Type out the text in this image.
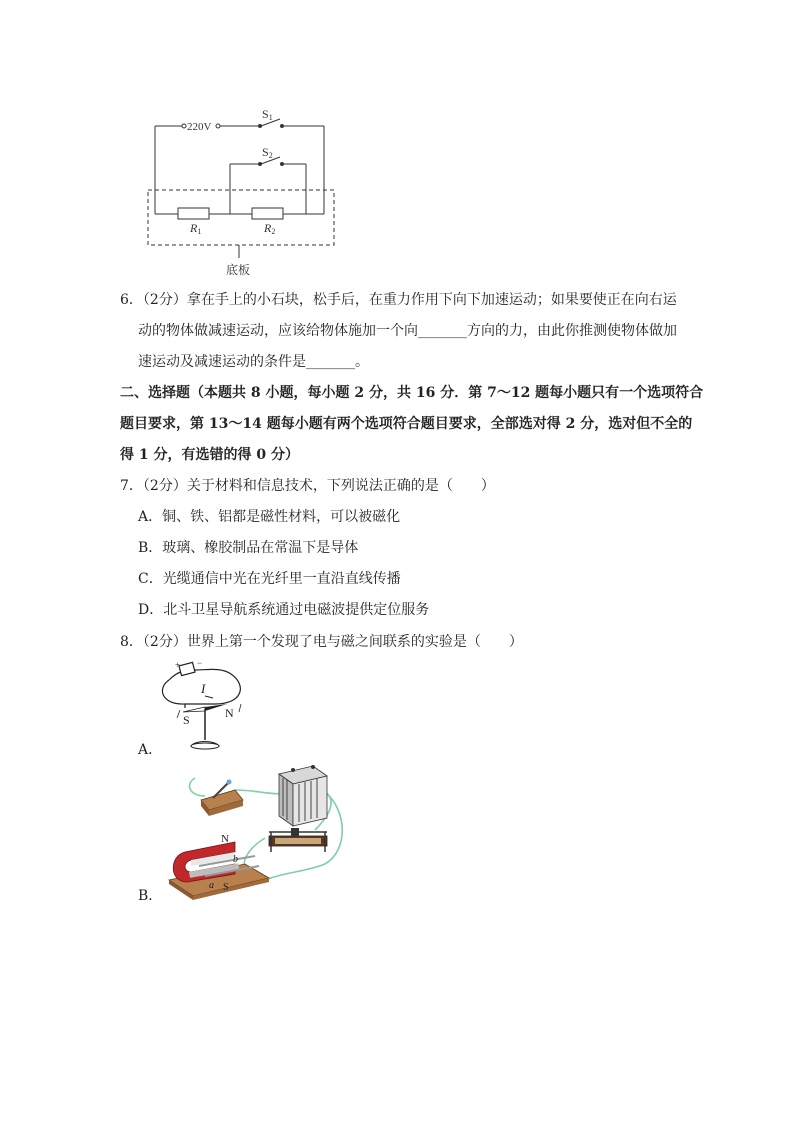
220V
S1
S2
R1	R2
底板
6．（2分）拿在手上的小石块，松手后，在重力作用下向下加速运动；如果要使正在向右运
动的物体做减速运动，应该给物体施加一个向_______方向的力，由此你推测使物体做加
速运动及减速运动的条件是_______。
二、选择题（本题共 8 小题，每小题 2 分，共 16 分．第 7～12 题每小题只有一个选项符合
题目要求，第 13～14 题每小题有两个选项符合题目要求，全部选对得 2 分，选对但不全的
得 1 分，有选错的得 0 分）
7．（2分）关于材料和信息技术，下列说法正确的是（　　）
A．铜、铁、铝都是磁性材料，可以被磁化
B．玻璃、橡胶制品在常温下是导体
C．光缆通信中光在光纤里一直沿直线传播
D．北斗卫星导航系统通过电磁波提供定位服务
8．（2分）世界上第一个发现了电与磁之间联系的实验是（　　）
+ −
I
S	N
A．
N
S
a
b
B．
